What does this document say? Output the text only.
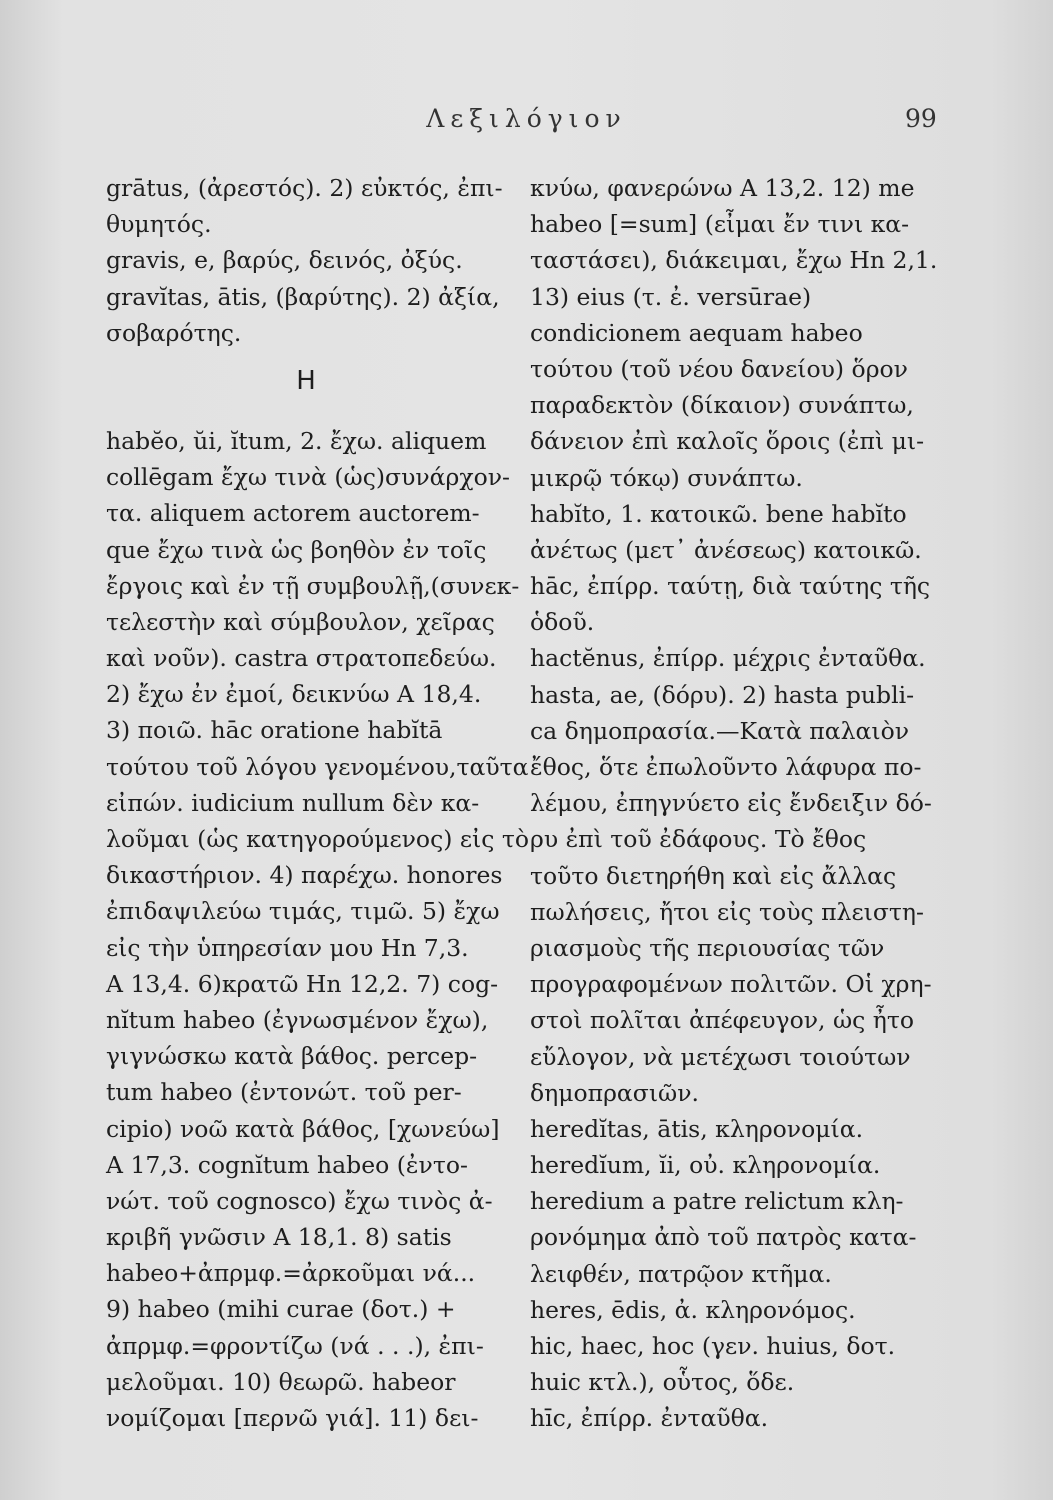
Λεξιλόγιον	99
grātus, (ἀρεστός). 2) εὐκτός, ἐπι-
θυμητός.
gravis, e, βαρύς, δεινός, ὀξύς.
gravĭtas, ātis, (βαρύτης). 2) ἀξία,
σοβαρότης.
H
habĕo, ŭi, ĭtum, 2. ἔχω. aliquem
collēgam ἔχω τινὰ (ὡς)συνάρχον-
τα. aliquem actorem auctorem-
que ἔχω τινὰ ὡς βοηθὸν ἐν τοῖς
ἔργοις καὶ ἐν τῇ συμβουλῇ,(συνεκ-
τελεστὴν καὶ σύμβουλον, χεῖρας
καὶ νοῦν). castra στρατοπεδεύω.
2) ἔχω ἐν ἐμοί, δεικνύω A 18,4.
3) ποιῶ. hāc oratione habĭtā
τούτου τοῦ λόγου γενομένου,ταῦτα
εἰπών. iudicium nullum δὲν κα-
λοῦμαι (ὡς κατηγορούμενος) εἰς τὸ
δικαστήριον. 4) παρέχω. honores
ἐπιδαψιλεύω τιμάς, τιμῶ. 5) ἔχω
εἰς τὴν ὑπηρεσίαν μου Hn 7,3.
A 13,4. 6)κρατῶ Hn 12,2. 7) cog-
nĭtum habeo (ἐγνωσμένον ἔχω),
γιγνώσκω κατὰ βάθος. percep-
tum habeo (ἐντονώτ. τοῦ per-
cipio) νοῶ κατὰ βάθος, [χωνεύω]
A 17,3. cognĭtum habeo (ἐντο-
νώτ. τοῦ cognosco) ἔχω τινὸς ἀ-
κριβῆ γνῶσιν A 18,1. 8) satis
habeo+ἀπρμφ.=ἀρκοῦμαι νά...
9) habeo (mihi curae (δοτ.) +
ἀπρμφ.=φροντίζω (νά . . .), ἐπι-
μελοῦμαι. 10) θεωρῶ. habeor
νομίζομαι [περνῶ γιά]. 11) δει-
κνύω, φανερώνω A 13,2. 12) me
habeo [=sum] (εἶμαι ἔν τινι κα-
ταστάσει), διάκειμαι, ἔχω Hn 2,1.
13) eius (τ. ἐ. versūrae)
condicionem aequam habeo
τούτου (τοῦ νέου δανείου) ὅρον
παραδεκτὸν (δίκαιον) συνάπτω,
δάνειον ἐπὶ καλοῖς ὅροις (ἐπὶ μι-
μικρῷ τόκῳ) συνάπτω.
habĭto, 1. κατοικῶ. bene habĭto
ἀνέτως (μετ᾽ ἀνέσεως) κατοικῶ.
hāc, ἐπίρρ. ταύτῃ, διὰ ταύτης τῆς
ὁδοῦ.
hactĕnus, ἐπίρρ. μέχρις ἐνταῦθα.
hasta, ae, (δόρυ). 2) hasta publi-
ca δημοπρασία.—Κατὰ παλαιὸν
ἔθος, ὅτε ἐπωλοῦντο λάφυρα πο-
λέμου, ἐπηγνύετο εἰς ἔνδειξιν δό-
ρυ ἐπὶ τοῦ ἐδάφους. Τὸ ἔθος
τοῦτο διετηρήθη καὶ εἰς ἄλλας
πωλήσεις, ἤτοι εἰς τοὺς πλειστη-
ριασμοὺς τῆς περιουσίας τῶν
προγραφομένων πολιτῶν. Οἱ χρη-
στοὶ πολῖται ἀπέφευγον, ὡς ἦτο
εὔλογον, νὰ μετέχωσι τοιούτων
δημοπρασιῶν.
heredĭtas, ātis, κληρονομία.
heredĭum, ĭi, οὐ. κληρονομία.
heredium a patre relictum κλη-
ρονόμημα ἀπὸ τοῦ πατρὸς κατα-
λειφθέν, πατρῷον κτῆμα.
heres, ēdis, ἀ. κληρονόμος.
hic, haec, hoc (γεν. huius, δοτ.
huic κτλ.), οὗτος, ὅδε.
hīc, ἐπίρρ. ἐνταῦθα.
